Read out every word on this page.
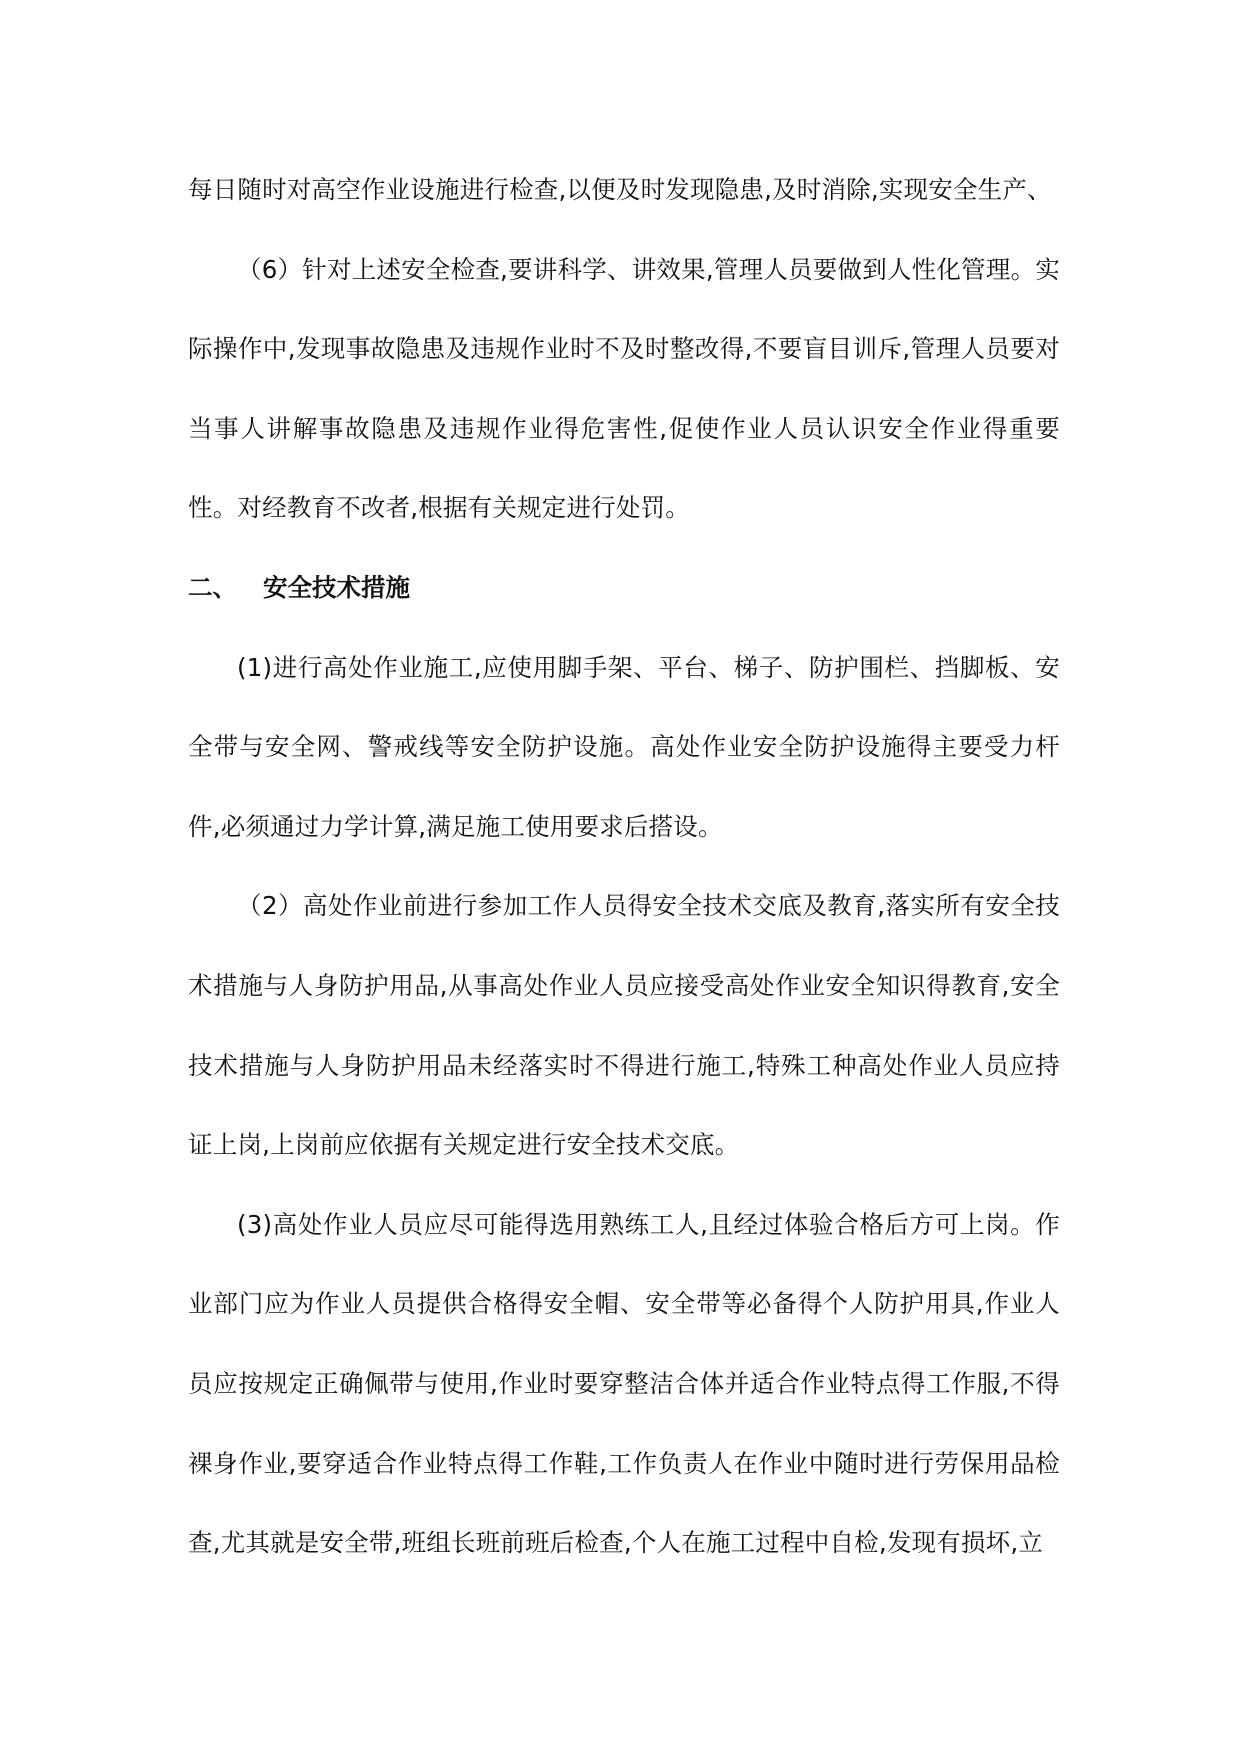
每日随时对高空作业设施进行检查,以便及时发现隐患,及时消除,实现安全生产、

（6）针对上述安全检查,要讲科学、讲效果,管理人员要做到人性化管理。实际操作中,发现事故隐患及违规作业时不及时整改得,不要盲目训斥,管理人员要对当事人讲解事故隐患及违规作业得危害性,促使作业人员认识安全作业得重要性。对经教育不改者,根据有关规定进行处罚。

二、 安全技术措施

(1)进行高处作业施工,应使用脚手架、平台、梯子、防护围栏、挡脚板、安全带与安全网、警戒线等安全防护设施。高处作业安全防护设施得主要受力杆件,必须通过力学计算,满足施工使用要求后搭设。

（2）高处作业前进行参加工作人员得安全技术交底及教育,落实所有安全技术措施与人身防护用品,从事高处作业人员应接受高处作业安全知识得教育,安全技术措施与人身防护用品未经落实时不得进行施工,特殊工种高处作业人员应持证上岗,上岗前应依据有关规定进行安全技术交底。

(3)高处作业人员应尽可能得选用熟练工人,且经过体验合格后方可上岗。作业部门应为作业人员提供合格得安全帽、安全带等必备得个人防护用具,作业人员应按规定正确佩带与使用,作业时要穿整洁合体并适合作业特点得工作服,不得裸身作业,要穿适合作业特点得工作鞋,工作负责人在作业中随时进行劳保用品检查,尤其就是安全带,班组长班前班后检查,个人在施工过程中自检,发现有损坏,立
